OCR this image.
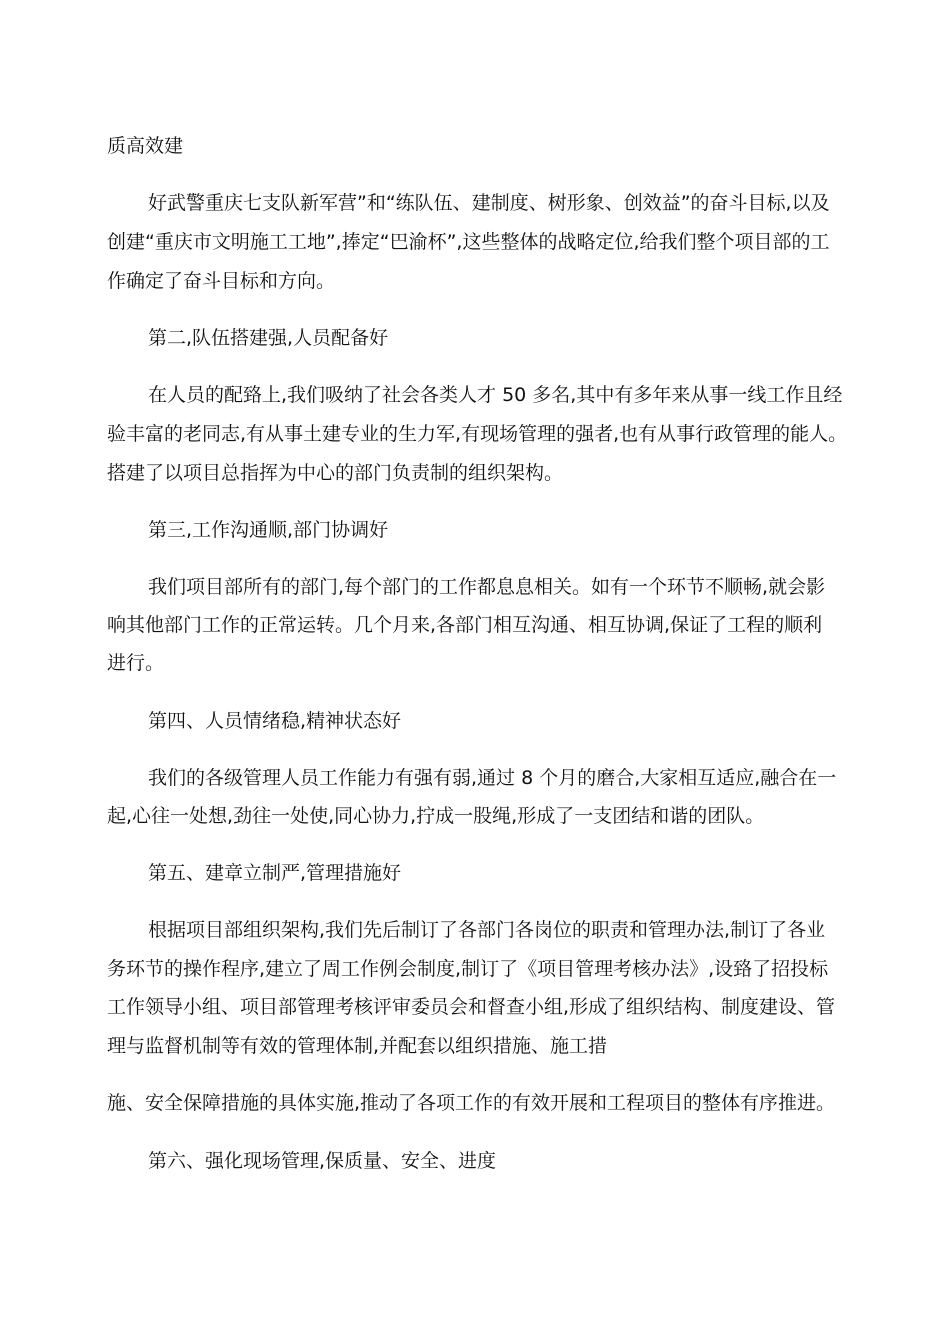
质高效建
好武警重庆七支队新军营”和“练队伍、建制度、树形象、创效益”的奋斗目标,以及
创建“重庆市文明施工工地”,捧定“巴渝杯”,这些整体的战略定位,给我们整个项目部的工
作确定了奋斗目标和方向。
第二,队伍搭建强,人员配备好
在人员的配臵上,我们吸纳了社会各类人才 50 多名,其中有多年来从事一线工作且经
验丰富的老同志,有从事土建专业的生力军,有现场管理的强者,也有从事行政管理的能人。
搭建了以项目总指挥为中心的部门负责制的组织架构。
第三,工作沟通顺,部门协调好
我们项目部所有的部门,每个部门的工作都息息相关。如有一个环节不顺畅,就会影
响其他部门工作的正常运转。几个月来,各部门相互沟通、相互协调,保证了工程的顺利
进行。
第四、人员情绪稳,精神状态好
我们的各级管理人员工作能力有强有弱,通过 8 个月的磨合,大家相互适应,融合在一
起,心往一处想,劲往一处使,同心协力,拧成一股绳,形成了一支团结和谐的团队。
第五、建章立制严,管理措施好
根据项目部组织架构,我们先后制订了各部门各岗位的职责和管理办法,制订了各业
务环节的操作程序,建立了周工作例会制度,制订了《项目管理考核办法》,设臵了招投标
工作领导小组、项目部管理考核评审委员会和督查小组,形成了组织结构、制度建设、管
理与监督机制等有效的管理体制,并配套以组织措施、施工措
施、安全保障措施的具体实施,推动了各项工作的有效开展和工程项目的整体有序推进。
第六、强化现场管理,保质量、安全、进度
